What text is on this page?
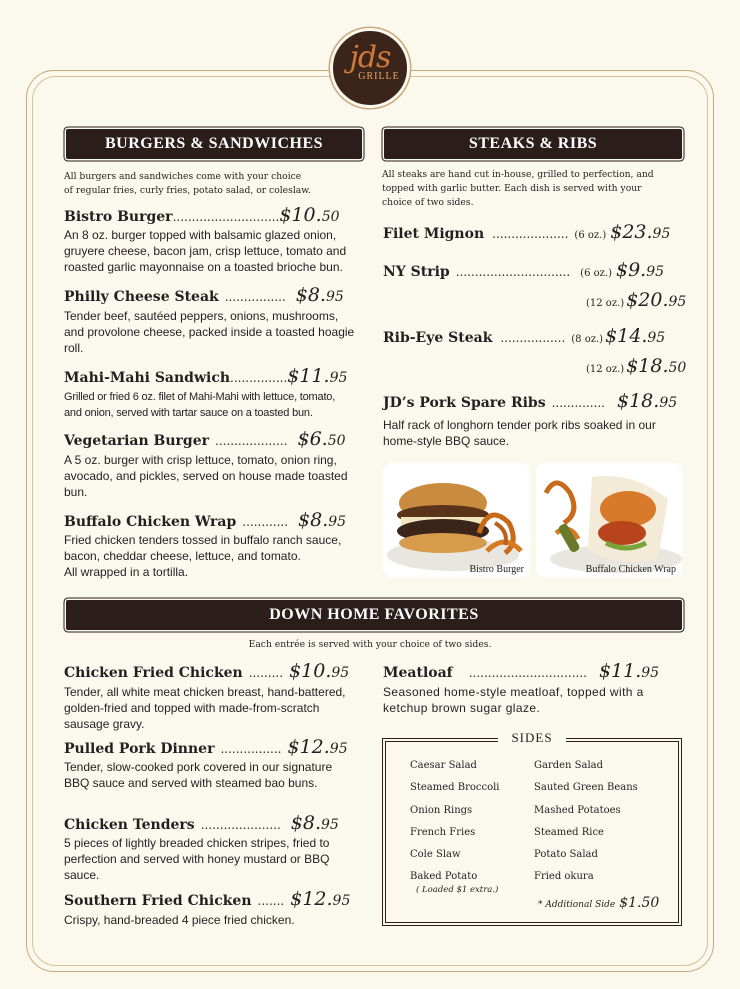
jds
GRILLE
BURGERS & SANDWICHES
All burgers and sandwiches come with your choice
of regular fries, curly fries, potato salad, or coleslaw.
Bistro Burger ............................ $10.50
An 8 oz. burger topped with balsamic glazed onion,
gruyere cheese, bacon jam, crisp lettuce, tomato and
roasted garlic mayonnaise on a toasted brioche bun.
Philly Cheese Steak ................ $8.95
Tender beef, sautéed peppers, onions, mushrooms,
and provolone cheese, packed inside a toasted hoagie
roll.
Mahi-Mahi Sandwich ............... $11.95
Grilled or fried 6 oz. filet of Mahi-Mahi with lettuce, tomato,
and onion, served with tartar sauce on a toasted bun.
Vegetarian Burger ................... $6.50
A 5 oz. burger with crisp lettuce, tomato, onion ring,
avocado, and pickles, served on house made toasted
bun.
Buffalo Chicken Wrap ............ $8.95
Fried chicken tenders tossed in buffalo ranch sauce,
bacon, cheddar cheese, lettuce, and tomato.
All wrapped in a tortilla.
STEAKS & RIBS
All steaks are hand cut in-house, grilled to perfection, and
topped with garlic butter. Each dish is served with your
choice of two sides.
Filet Mignon .................... (6 oz.) $23.95
NY Strip .............................. (6 oz.) $9.95
(12 oz.) $20.95
Rib-Eye Steak ................. (8 oz.) $14.95
(12 oz.) $18.50
JD’s Pork Spare Ribs .............. $18.95
Half rack of longhorn tender pork ribs soaked in our
home-style BBQ sauce.
Bistro Burger	Buffalo Chicken Wrap
DOWN HOME FAVORITES
Each entrée is served with your choice of two sides.
Chicken Fried Chicken ......... $10.95
Tender, all white meat chicken breast, hand-battered,
golden-fried and topped with made-from-scratch
sausage gravy.
Pulled Pork Dinner ................ $12.95
Tender, slow-cooked pork covered in our signature
BBQ sauce and served with steamed bao buns.
Chicken Tenders ..................... $8.95
5 pieces of lightly breaded chicken stripes, fried to
perfection and served with honey mustard or BBQ
sauce.
Southern Fried Chicken ....... $12.95
Crispy, hand-breaded 4 piece fried chicken.
Meatloaf ............................... $11.95
Seasoned home-style meatloaf, topped with a
ketchup brown sugar glaze.
SIDES
Caesar Salad
Steamed Broccoli
Onion Rings
French Fries
Cole Slaw
Baked Potato
( Loaded $1 extra.)
Garden Salad
Sauted Green Beans
Mashed Potatoes
Steamed Rice
Potato Salad
Fried okura
* Additional Side $1.50
